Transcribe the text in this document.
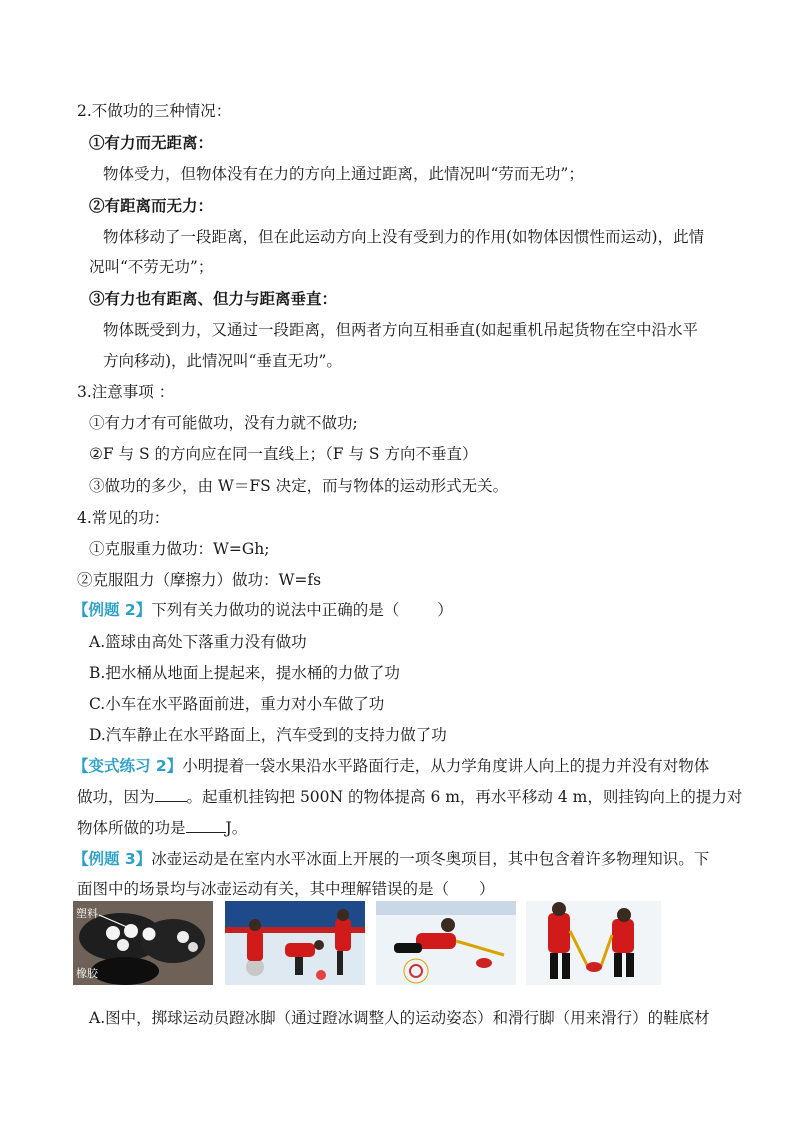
2.不做功的三种情况：
①有力而无距离：
物体受力，但物体没有在力的方向上通过距离，此情况叫“劳而无功”；
②有距离而无力：
物体移动了一段距离，但在此运动方向上没有受到力的作用(如物体因惯性而运动)，此情
况叫“不劳无功”；
③有力也有距离、但力与距离垂直：
物体既受到力，又通过一段距离，但两者方向互相垂直(如起重机吊起货物在空中沿水平
方向移动)，此情况叫“垂直无功”。
3.注意事项 ：
①有力才有可能做功，没有力就不做功;
②F 与 S 的方向应在同一直线上；（F 与 S 方向不垂直）
③做功的多少，由 W＝FS 决定，而与物体的运动形式无关。
4.常见的功：
①克服重力做功：W=Gh;
②克服阻力（摩擦力）做功：W=fs
【例题 2】下列有关力做功的说法中正确的是（ ）
A.篮球由高处下落重力没有做功
B.把水桶从地面上提起来，提水桶的力做了功
C.小车在水平路面前进，重力对小车做了功
D.汽车静止在水平路面上，汽车受到的支持力做了功
【变式练习 2】小明提着一袋水果沿水平路面行走，从力学角度讲人向上的提力并没有对物体
做功，因为 。起重机挂钩把 500N 的物体提高 6 m，再水平移动 4 m，则挂钩向上的提力对
物体所做的功是	J。
【例题 3】冰壶运动是在室内水平冰面上开展的一项冬奥项目，其中包含着许多物理知识。下
面图中的场景均与冰壶运动有关，其中理解错误的是（ ）
塑料
橡胶
A.图中，掷球运动员蹬冰脚（通过蹬冰调整人的运动姿态）和滑行脚（用来滑行）的鞋底材
